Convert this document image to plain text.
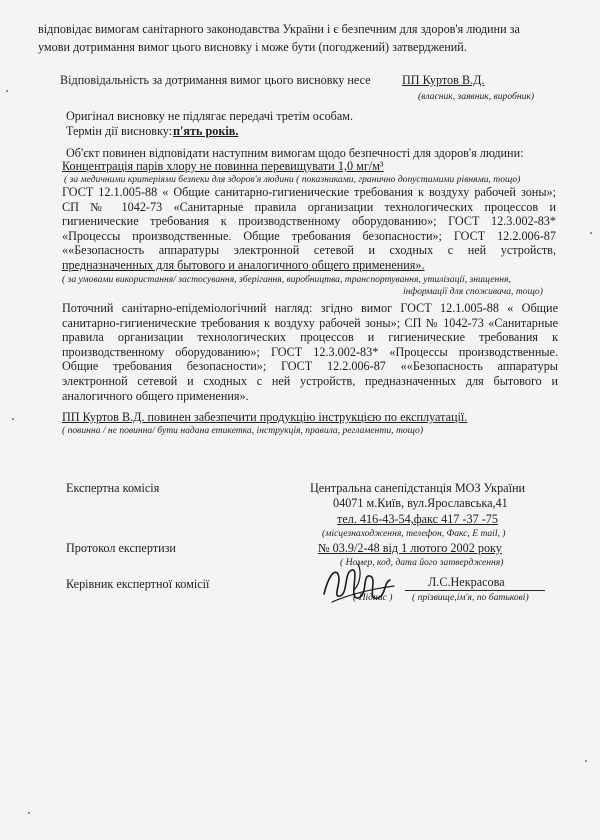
відповідає вимогам санітарного законодавства України і є безпечним для здоров'я людини за
умови дотримання вимог цього висновку і може бути (погоджений) затверджений.
Відповідальність за дотримання вимог цього висновку несе	ПП Куртов В.Д.
(власник, заявник, виробник)
Оригінал висновку не підлягає передачі третім особам.
Термін дії висновку: п'ять років.
Об'єкт повинен відповідати наступним вимогам щодо безпечності для здоров'я людини:
Концентрація парів хлору не повинна перевищувати 1,0 мг/м³
( за медичними критеріями безпеки для здоров'я людини ( показниками, гранично допустимими рівнями, тощо)
ГОСТ 12.1.005-88 « Общие санитарно-гигиенические требования к воздуху рабочей зоны»;
СП № 1042-73 «Санитарные правила организации технологических процессов и
гигиенические требования к производственному оборудованию»; ГОСТ 12.3.002-83*
«Процессы производственные. Общие требования безопасности»; ГОСТ 12.2.006-87
««Безопасность аппаратуры электронной сетевой и сходных с ней устройств,
предназначенных для бытового и аналогичного общего применения».
( за умовами використання/ застосування, зберігання, виробництва, транспортування, утилізації, знищення,
інформації для споживача, тощо)
Поточний санітарно-епідеміологічний нагляд: згідно вимог ГОСТ 12.1.005-88 « Общие
санитарно-гигиенические требования к воздуху рабочей зоны»; СП № 1042-73 «Санитарные
правила организации технологических процессов и гигиенические требования к
производственному оборудованию»; ГОСТ 12.3.002-83* «Процессы производственные.
Общие требования безопасности»; ГОСТ 12.2.006-87 ««Безопасность аппаратуры
электронной сетевой и сходных с ней устройств, предназначенных для бытового и
аналогичного общего применения».
ПП Куртов В.Д. повинен забезпечити продукцію інструкцією по експлуатації.
( повинна / не повинна/ бути надана етикетка, інструкція, правила, регламенти, тощо)
Експертна комісія	Центральна санепідстанція МОЗ України
04071 м.Київ, вул.Ярославська,41
тел. 416-43-54,факс 417 -37 -75
(місцезнаходження, телефон, Факс, Е mail, )
Протокол експертизи	№ 03.9/2-48 від 1 лютого 2002 року
( Номер, код, дата його затвердження)
Керівник експертної комісії	Л.С.Некрасова
( Підпис ) ( прізвище,ім'я, по батькові)
